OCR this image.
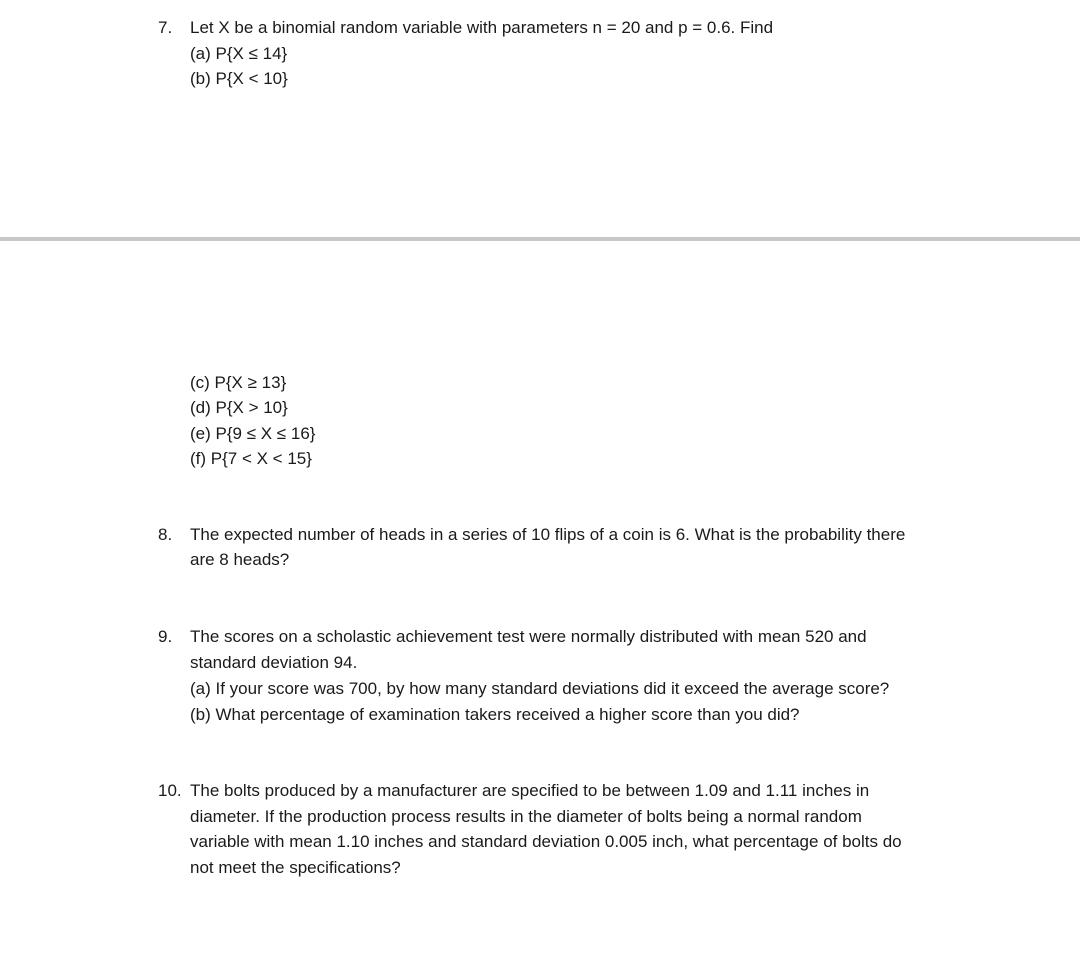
7. Let X be a binomial random variable with parameters n = 20 and p = 0.6. Find
(a) P{X ≤ 14}
(b) P{X < 10}
(c) P{X ≥ 13}
(d) P{X > 10}
(e) P{9 ≤ X ≤ 16}
(f) P{7 < X < 15}
8. The expected number of heads in a series of 10 flips of a coin is 6. What is the probability there
are 8 heads?
9. The scores on a scholastic achievement test were normally distributed with mean 520 and
standard deviation 94.
(a) If your score was 700, by how many standard deviations did it exceed the average score?
(b) What percentage of examination takers received a higher score than you did?
10. The bolts produced by a manufacturer are specified to be between 1.09 and 1.11 inches in
diameter. If the production process results in the diameter of bolts being a normal random
variable with mean 1.10 inches and standard deviation 0.005 inch, what percentage of bolts do
not meet the specifications?
